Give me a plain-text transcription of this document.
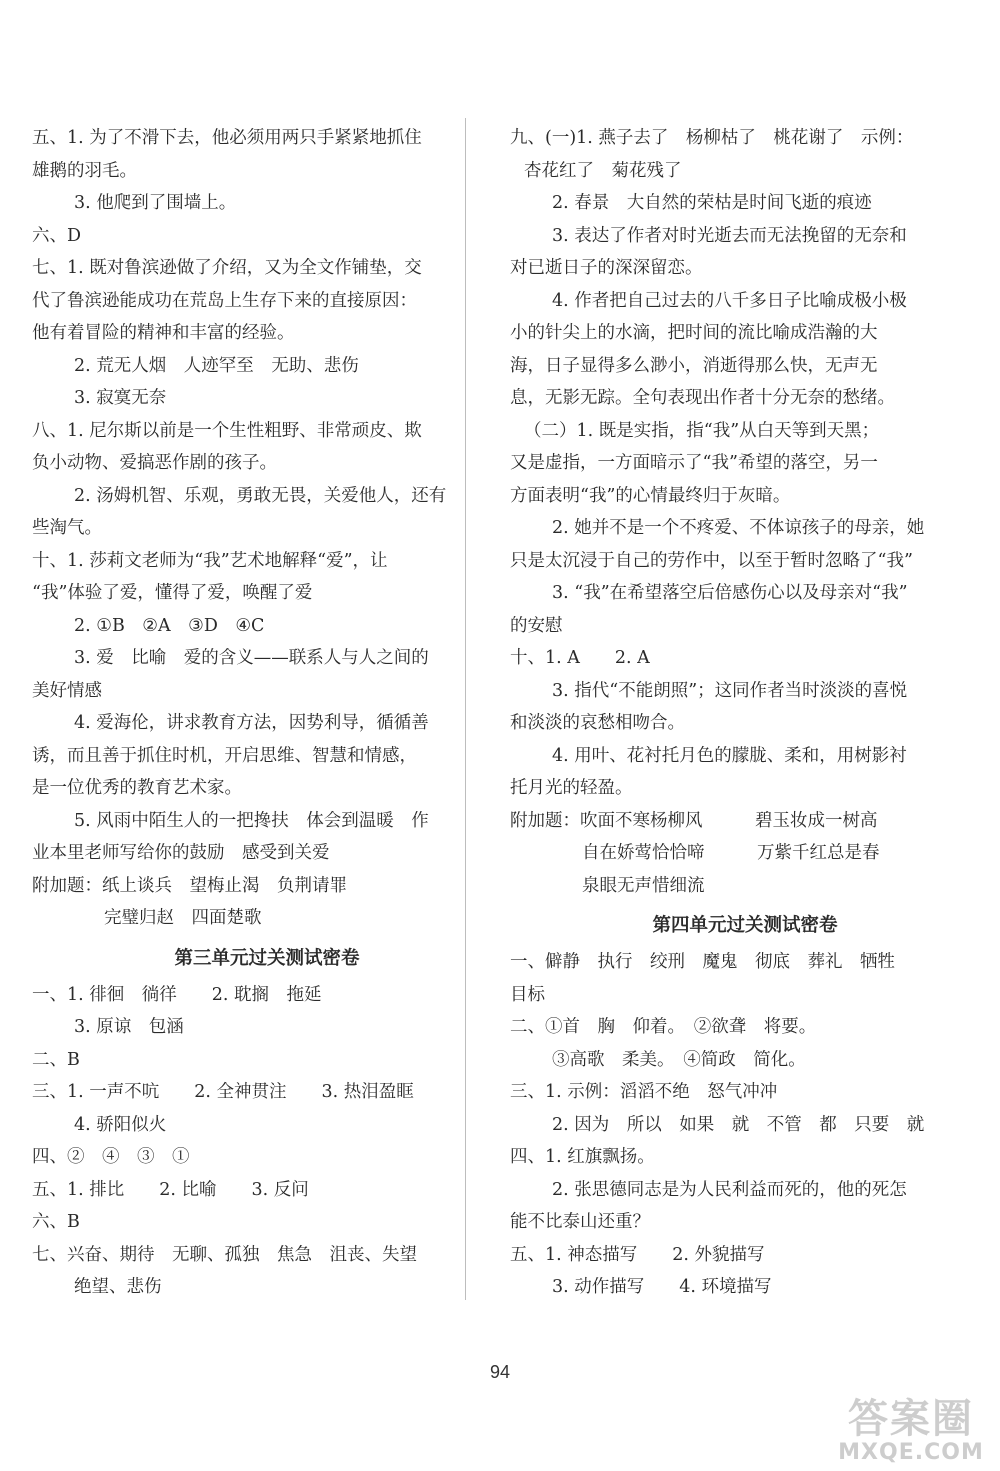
五、1. 为了不滑下去，他必须用两只手紧紧地抓住
雄鹅的羽毛。
3. 他爬到了围墙上。
六、D
七、1. 既对鲁滨逊做了介绍，又为全文作铺垫，交
代了鲁滨逊能成功在荒岛上生存下来的直接原因：
他有着冒险的精神和丰富的经验。
2. 荒无人烟　人迹罕至　无助、悲伤
3. 寂寞无奈
八、1. 尼尔斯以前是一个生性粗野、非常顽皮、欺
负小动物、爱搞恶作剧的孩子。
2. 汤姆机智、乐观，勇敢无畏，关爱他人，还有
些淘气。
十、1. 莎莉文老师为“我”艺术地解释“爱”，让
“我”体验了爱，懂得了爱，唤醒了爱
2. ①B　②A　③D　④C
3. 爱　比喻　爱的含义——联系人与人之间的
美好情感
4. 爱海伦，讲求教育方法，因势利导，循循善
诱，而且善于抓住时机，开启思维、智慧和情感，
是一位优秀的教育艺术家。
5. 风雨中陌生人的一把搀扶　体会到温暖　作
业本里老师写给你的鼓励　感受到关爱
附加题：纸上谈兵　望梅止渴　负荆请罪
完璧归赵　四面楚歌
第三单元过关测试密卷
一、1. 徘徊　徜徉　　2. 耽搁　拖延
3. 原谅　包涵
二、B
三、1. 一声不吭　　2. 全神贯注　　3. 热泪盈眶
4. 骄阳似火
四、②　④　③　①
五、1. 排比　　2. 比喻　　3. 反问
六、B
七、兴奋、期待　无聊、孤独　焦急　沮丧、失望
绝望、悲伤
九、(一)1. 燕子去了　杨柳枯了　桃花谢了　示例：
杏花红了　菊花残了
2. 春景　大自然的荣枯是时间飞逝的痕迹
3. 表达了作者对时光逝去而无法挽留的无奈和
对已逝日子的深深留恋。
4. 作者把自己过去的八千多日子比喻成极小极
小的针尖上的水滴，把时间的流比喻成浩瀚的大
海，日子显得多么渺小，消逝得那么快，无声无
息，无影无踪。全句表现出作者十分无奈的愁绪。
（二）1. 既是实指，指“我”从白天等到天黑；
又是虚指，一方面暗示了“我”希望的落空，另一
方面表明“我”的心情最终归于灰暗。
2. 她并不是一个不疼爱、不体谅孩子的母亲，她
只是太沉浸于自己的劳作中，以至于暂时忽略了“我”
3. “我”在希望落空后倍感伤心以及母亲对“我”
的安慰
十、1. A　　2. A
3. 指代“不能朗照”；这同作者当时淡淡的喜悦
和淡淡的哀愁相吻合。
4. 用叶、花衬托月色的朦胧、柔和，用树影衬
托月光的轻盈。
附加题：吹面不寒杨柳风　　　碧玉妆成一树高
自在娇莺恰恰啼　　　万紫千红总是春
泉眼无声惜细流
第四单元过关测试密卷
一、僻静　执行　绞刑　魔鬼　彻底　葬礼　牺牲
目标
二、①首　胸　仰着。　②欲聋　将要。
③高歌　柔美。　④简政　简化。
三、1. 示例：滔滔不绝　怒气冲冲
2. 因为　所以　如果　就　不管　都　只要　就
四、1. 红旗飘扬。
2. 张思德同志是为人民利益而死的，他的死怎
能不比泰山还重？
五、1. 神态描写　　2. 外貌描写
3. 动作描写　　4. 环境描写
94
答案圈
MXQE.COM
